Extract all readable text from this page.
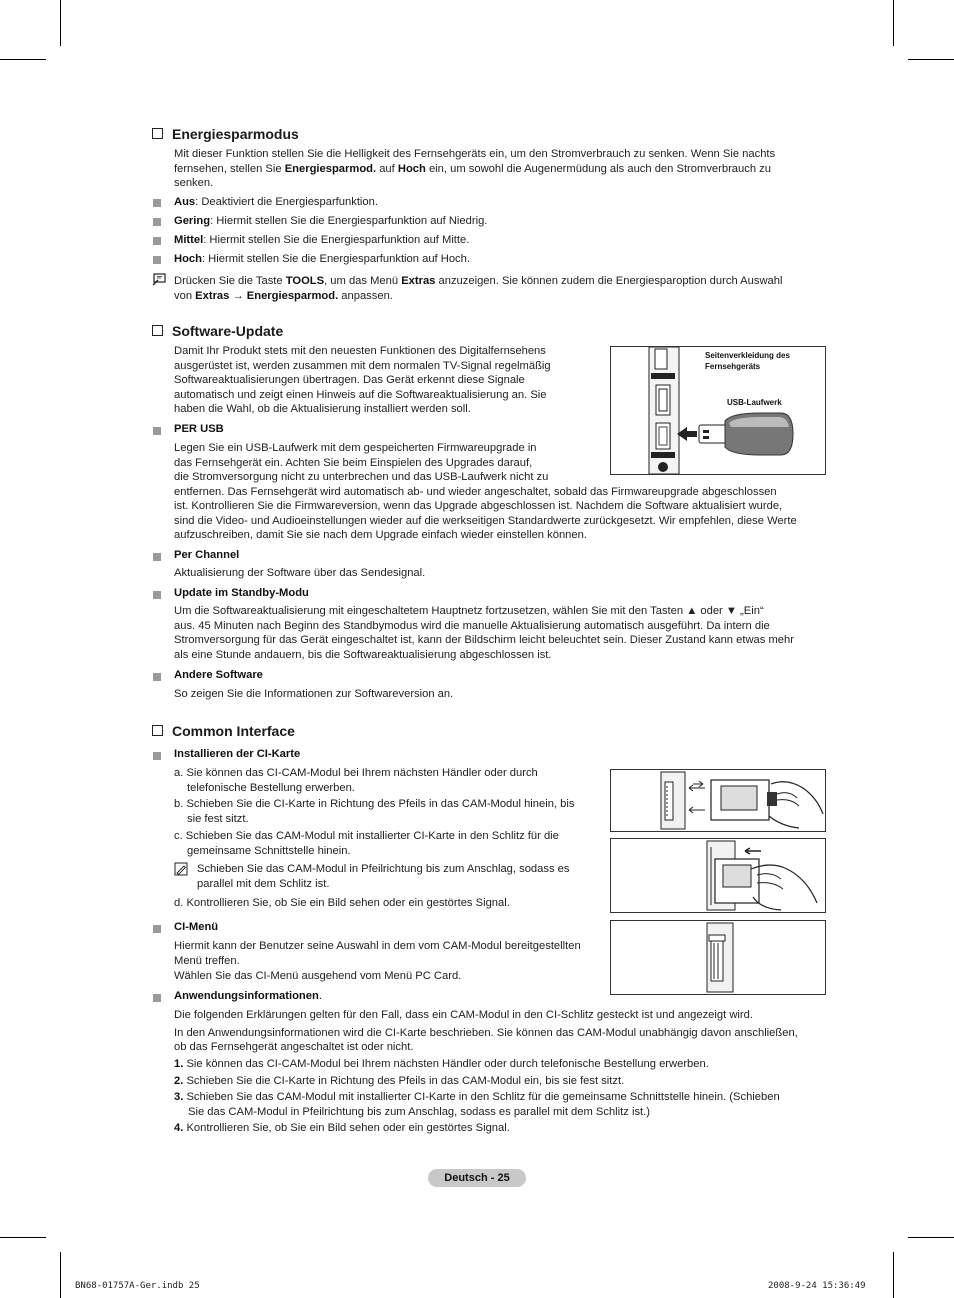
Energiesparmodus
Mit dieser Funktion stellen Sie die Helligkeit des Fernsehgeräts ein, um den Stromverbrauch zu senken. Wenn Sie nachts
fernsehen, stellen Sie Energiesparmod. auf Hoch ein, um sowohl die Augenermüdung als auch den Stromverbrauch zu
senken.
Aus: Deaktiviert die Energiesparfunktion.
Gering: Hiermit stellen Sie die Energiesparfunktion auf Niedrig.
Mittel: Hiermit stellen Sie die Energiesparfunktion auf Mitte.
Hoch: Hiermit stellen Sie die Energiesparfunktion auf Hoch.
Drücken Sie die Taste TOOLS, um das Menü Extras anzuzeigen. Sie können zudem die Energiesparoption durch Auswahl
von Extras → Energiesparmod. anpassen.
Software-Update
Damit Ihr Produkt stets mit den neuesten Funktionen des Digitalfernsehens
ausgerüstet ist, werden zusammen mit dem normalen TV-Signal regelmäßig
Softwareaktualisierungen übertragen. Das Gerät erkennt diese Signale
automatisch und zeigt einen Hinweis auf die Softwareaktualisierung an. Sie
haben die Wahl, ob die Aktualisierung installiert werden soll.
Seitenverkleidung des Fernsehgeräts
USB-Laufwerk
PER USB
Legen Sie ein USB-Laufwerk mit dem gespeicherten Firmwareupgrade in
das Fernsehgerät ein. Achten Sie beim Einspielen des Upgrades darauf,
die Stromversorgung nicht zu unterbrechen und das USB-Laufwerk nicht zu
entfernen. Das Fernsehgerät wird automatisch ab- und wieder angeschaltet, sobald das Firmwareupgrade abgeschlossen
ist. Kontrollieren Sie die Firmwareversion, wenn das Upgrade abgeschlossen ist. Nachdem die Software aktualisiert wurde,
sind die Video- und Audioeinstellungen wieder auf die werkseitigen Standardwerte zurückgesetzt. Wir empfehlen, diese Werte
aufzuschreiben, damit Sie sie nach dem Upgrade einfach wieder einstellen können.
Per Channel
Aktualisierung der Software über das Sendesignal.
Update im Standby-Modu
Um die Softwareaktualisierung mit eingeschaltetem Hauptnetz fortzusetzen, wählen Sie mit den Tasten ▲ oder ▼ „Ein“
aus. 45 Minuten nach Beginn des Standbymodus wird die manuelle Aktualisierung automatisch ausgeführt. Da intern die
Stromversorgung für das Gerät eingeschaltet ist, kann der Bildschirm leicht beleuchtet sein. Dieser Zustand kann etwas mehr
als eine Stunde andauern, bis die Softwareaktualisierung abgeschlossen ist.
Andere Software
So zeigen Sie die Informationen zur Softwareversion an.
Common Interface
Installieren der CI-Karte
a. Sie können das CI-CAM-Modul bei Ihrem nächsten Händler oder durch
telefonische Bestellung erwerben.
b. Schieben Sie die CI-Karte in Richtung des Pfeils in das CAM-Modul hinein, bis
sie fest sitzt.
c. Schieben Sie das CAM-Modul mit installierter CI-Karte in den Schlitz für die
gemeinsame Schnittstelle hinein.
Schieben Sie das CAM-Modul in Pfeilrichtung bis zum Anschlag, sodass es
parallel mit dem Schlitz ist.
d. Kontrollieren Sie, ob Sie ein Bild sehen oder ein gestörtes Signal.
CI-Menü
Hiermit kann der Benutzer seine Auswahl in dem vom CAM-Modul bereitgestellten
Menü treffen.
Wählen Sie das CI-Menü ausgehend vom Menü PC Card.
Anwendungsinformationen.
Die folgenden Erklärungen gelten für den Fall, dass ein CAM-Modul in den CI-Schlitz gesteckt ist und angezeigt wird.
In den Anwendungsinformationen wird die CI-Karte beschrieben. Sie können das CAM-Modul unabhängig davon anschließen,
ob das Fernsehgerät angeschaltet ist oder nicht.
1. Sie können das CI-CAM-Modul bei Ihrem nächsten Händler oder durch telefonische Bestellung erwerben.
2. Schieben Sie die CI-Karte in Richtung des Pfeils in das CAM-Modul ein, bis sie fest sitzt.
3. Schieben Sie das CAM-Modul mit installierter CI-Karte in den Schlitz für die gemeinsame Schnittstelle hinein. (Schieben
Sie das CAM-Modul in Pfeilrichtung bis zum Anschlag, sodass es parallel mit dem Schlitz ist.)
4. Kontrollieren Sie, ob Sie ein Bild sehen oder ein gestörtes Signal.
Deutsch - 25
BN68-01757A-Ger.indb 25	2008-9-24 15:36:49
